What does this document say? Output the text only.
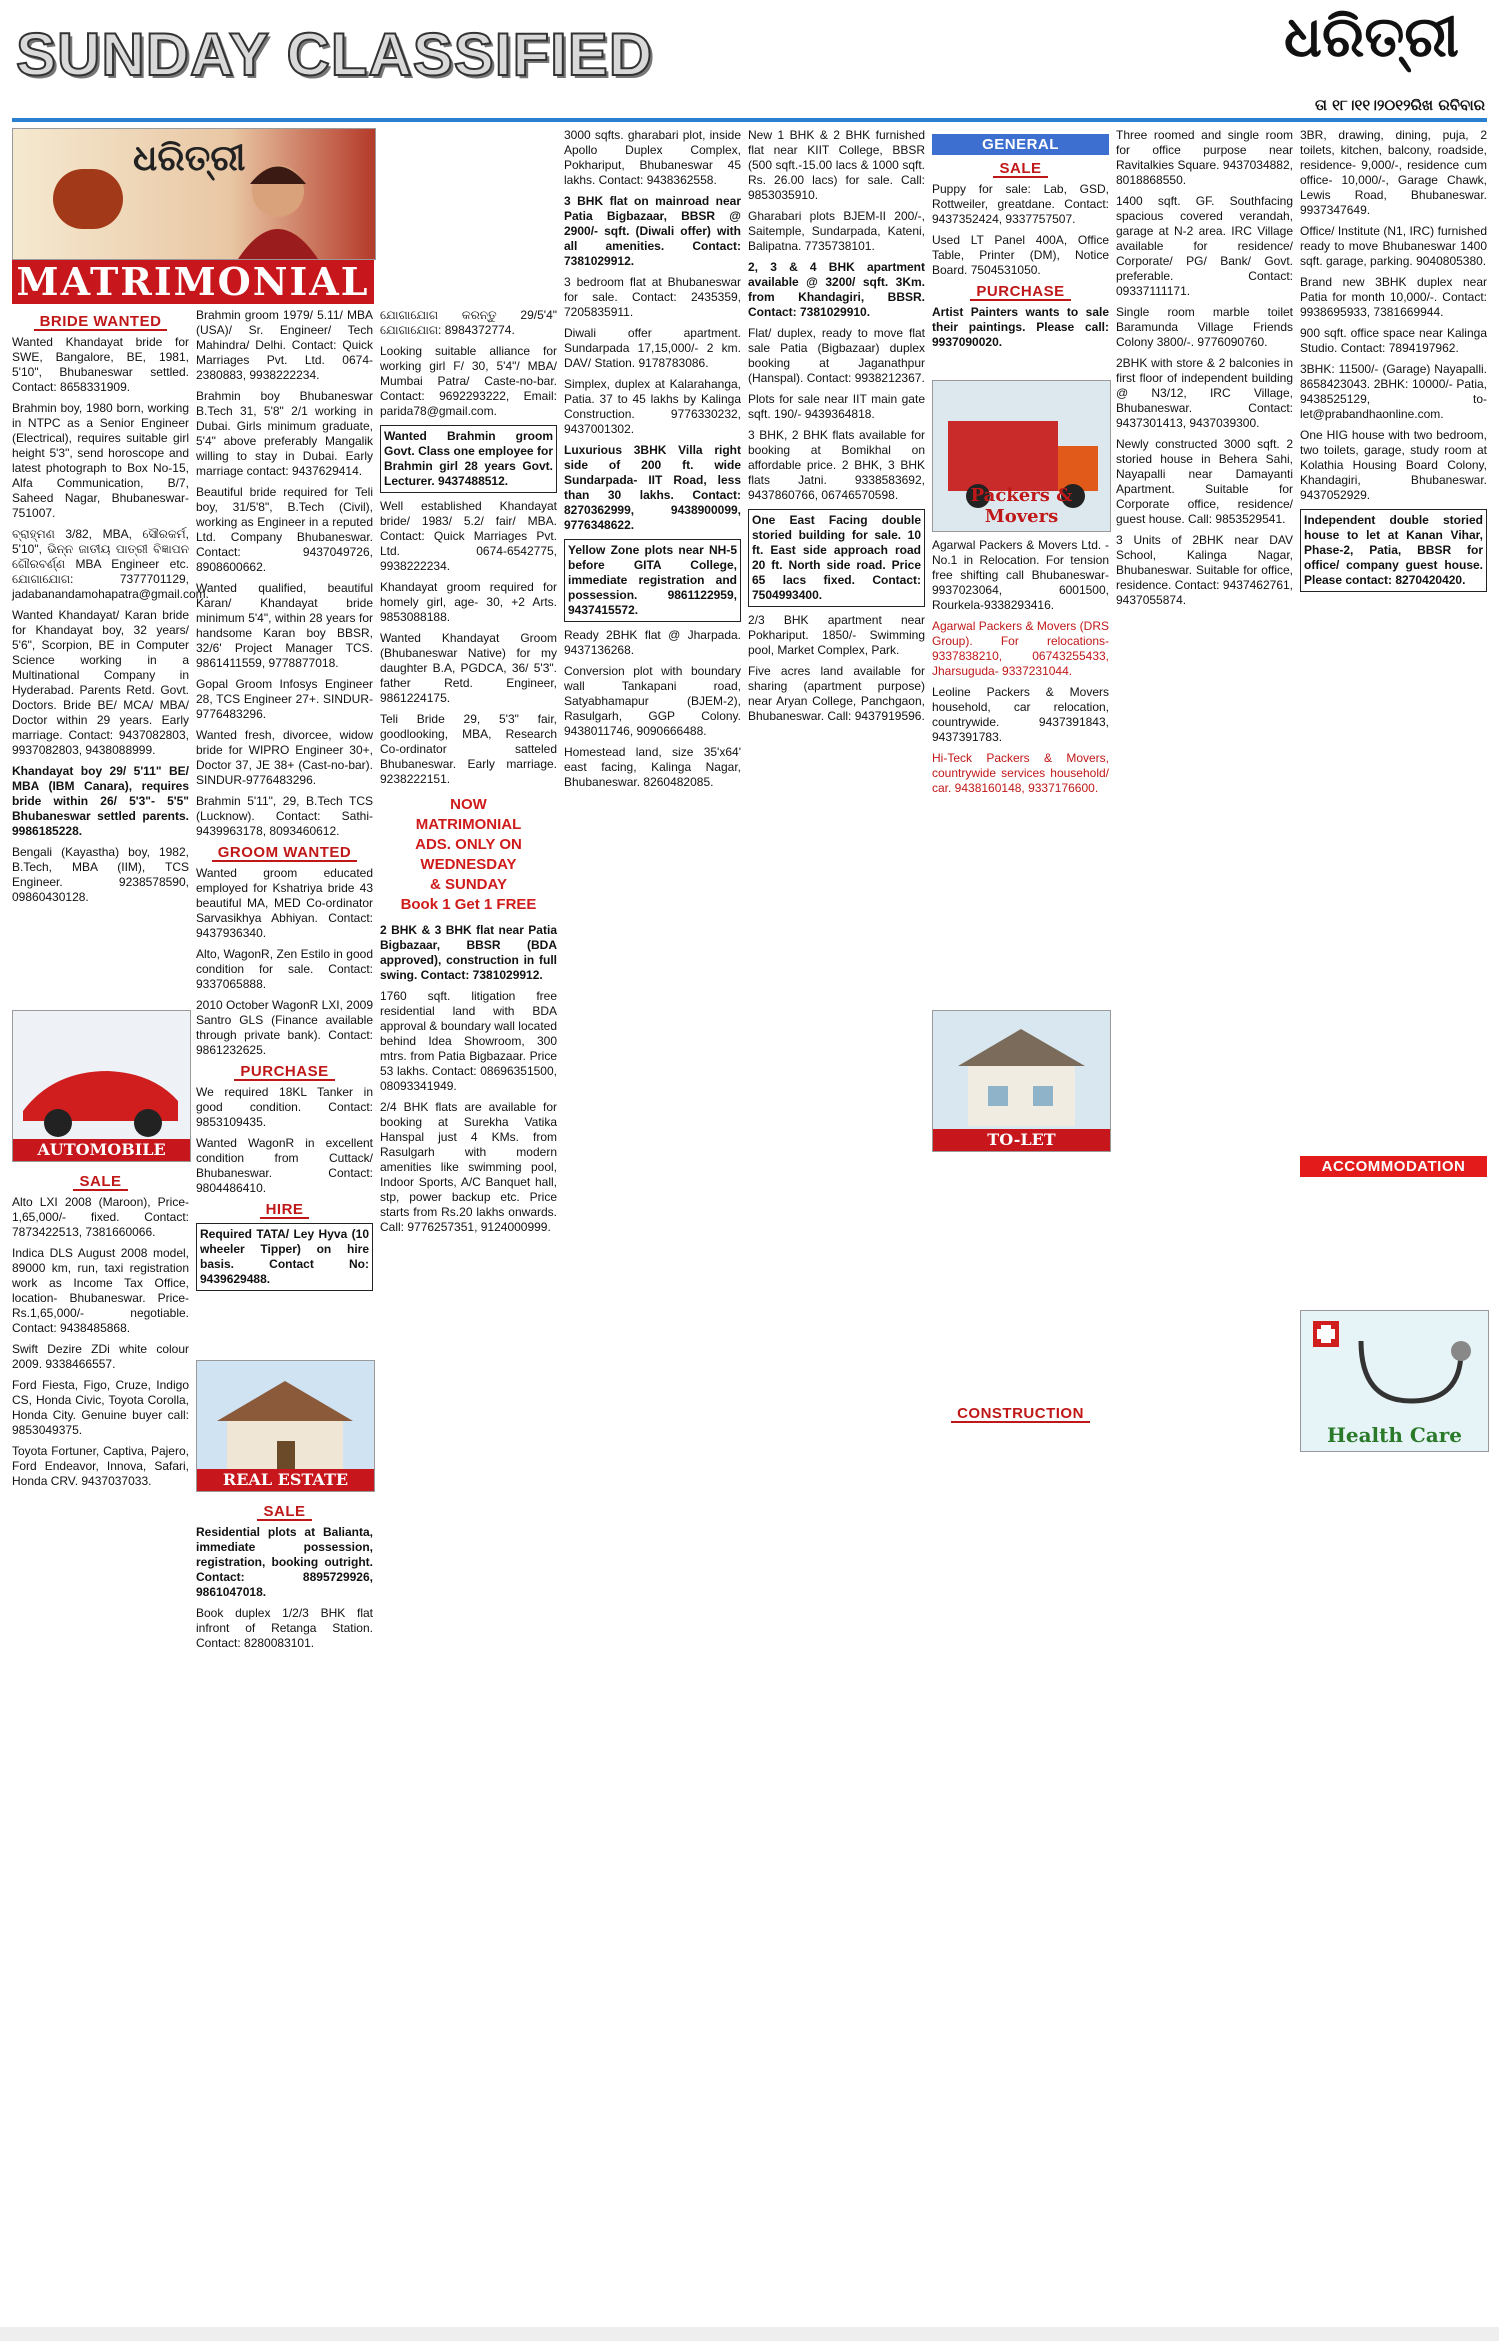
SUNDAY CLASSIFIED	ଧରିତ୍ରୀ
ତା ୧୮।୧୧।୨୦୧୨ରିଖ ରବିବାର
ଧରିତ୍ରୀ
MATRIMONIAL
BRIDE WANTED

Wanted Khandayat bride for SWE, Bangalore, BE, 1981, 5'10", Bhubaneswar settled. Contact: 8658331909.

Brahmin boy, 1980 born, working in NTPC as a Senior Engineer (Electrical), requires suitable girl height 5'3", send horoscope and latest photograph to Box No-15, Alfa Communication, B/7, Saheed Nagar, Bhubaneswar-751007.

ବ୍ରାହ୍ମଣ 3/82, MBA, ସୌରକର୍ମ, 5'10", ଭିନ୍ନ ଜାତୀୟ ପାତ୍ରୀ ବିଜ୍ଞାପନ ଗୌରବର୍ଣ୍ଣ MBA Engineer etc. ଯୋଗାଯୋଗ: 7377701129, jadabanandamohapatra@gmail.com.

Wanted Khandayat/ Karan bride for Khandayat boy, 32 years/ 5'6", Scorpion, BE in Computer Science working in a Multinational Company in Hyderabad. Parents Retd. Govt. Doctors. Bride BE/ MCA/ MBA/ Doctor within 29 years. Early marriage. Contact: 9437082803, 9937082803, 9438088999.

Khandayat boy 29/ 5'11" BE/ MBA (IBM Canara), requires bride within 26/ 5'3"- 5'5" Bhubaneswar settled parents. 9986185228.

Bengali (Kayastha) boy, 1982, B.Tech, MBA (IIM), TCS Engineer. 9238578590, 09860430128.

AUTOMOBILE
SALE

Alto LXI 2008 (Maroon), Price-1,65,000/- fixed. Contact: 7873422513, 7381660066.

Indica DLS August 2008 model, 89000 km, run, taxi registration work as Income Tax Office, location- Bhubaneswar. Price-Rs.1,65,000/- negotiable. Contact: 9438485868.

Swift Dezire ZDi white colour 2009. 9338466557.

Ford Fiesta, Figo, Cruze, Indigo CS, Honda Civic, Toyota Corolla, Honda City. Genuine buyer call: 9853049375.

Toyota Fortuner, Captiva, Pajero, Ford Endeavor, Innova, Safari, Honda CRV. 9437037033.

Brahmin groom 1979/ 5.11/ MBA (USA)/ Sr. Engineer/ Tech Mahindra/ Delhi. Contact: Quick Marriages Pvt. Ltd. 0674-2380883, 9938222234.

Brahmin boy Bhubaneswar B.Tech 31, 5'8" 2/1 working in Dubai. Girls minimum graduate, 5'4" above preferably Mangalik willing to stay in Dubai. Early marriage contact: 9437629414.

Beautiful bride required for Teli boy, 31/5'8", B.Tech (Civil), working as Engineer in a reputed Ltd. Company Bhubaneswar. Contact: 9437049726, 8908600662.

Wanted qualified, beautiful Karan/ Khandayat bride minimum 5'4", within 28 years for handsome Karan boy BBSR, 32/6' Project Manager TCS. 9861411559, 9778877018.

Gopal Groom Infosys Engineer 28, TCS Engineer 27+. SINDUR-9776483296.

Wanted fresh, divorcee, widow bride for WIPRO Engineer 30+, Doctor 37, JE 38+ (Cast-no-bar). SINDUR-9776483296.

Brahmin 5'11", 29, B.Tech TCS (Lucknow). Contact: Sathi-9439963178, 8093460612.

GROOM WANTED

Wanted groom educated employed for Kshatriya bride 43 beautiful MA, MED Co-ordinator Sarvasikhya Abhiyan. Contact: 9437936340.

Alto, WagonR, Zen Estilo in good condition for sale. Contact: 9337065888.

2010 October WagonR LXI, 2009 Santro GLS (Finance available through private bank). Contact: 9861232625.

PURCHASE

We required 18KL Tanker in good condition. Contact: 9853109435.

Wanted WagonR in excellent condition from Cuttack/ Bhubaneswar. Contact: 9804486410.

HIRE
Required TATA/ Ley Hyva (10 wheeler Tipper) on hire basis. Contact No: 9439629488.
REAL ESTATE
SALE

Residential plots at Balianta, immediate possession, registration, booking outright. Contact: 8895729926, 9861047018.

Book duplex 1/2/3 BHK flat infront of Retanga Station. Contact: 8280083101.

ଯୋଗାଯୋଗ କରନ୍ତୁ 29/5'4" ଯୋଗାଯୋଗ: 8984372774.

Looking suitable alliance for working girl F/ 30, 5'4"/ MBA/ Mumbai Patra/ Caste-no-bar. Contact: 9692293222, Email: parida78@gmail.com.

Wanted Brahmin groom Govt. Class one employee for Brahmin girl 28 years Govt. Lecturer. 9437488512.

Well established Khandayat bride/ 1983/ 5.2/ fair/ MBA. Contact: Quick Marriages Pvt. Ltd. 0674-6542775, 9938222234.

Khandayat groom required for homely girl, age- 30, +2 Arts. 9853088188.

Wanted Khandayat Groom (Bhubaneswar Native) for my daughter B.A, PGDCA, 36/ 5'3". father Retd. Engineer, 9861224175.

Teli Bride 29, 5'3" fair, goodlooking, MBA, Research Co-ordinator satteled Bhubaneswar. Early marriage. 9238222151.

NOW
MATRIMONIAL
ADS. ONLY ON
WEDNESDAY
& SUNDAY
Book 1 Get 1 FREE

2 BHK & 3 BHK flat near Patia Bigbazaar, BBSR (BDA approved), construction in full swing. Contact: 7381029912.

1760 sqft. litigation free residential land with BDA approval & boundary wall located behind Idea Showroom, 300 mtrs. from Patia Bigbazaar. Price 53 lakhs. Contact: 08696351500, 08093341949.

2/4 BHK flats are available for booking at Surekha Vatika Hanspal just 4 KMs. from Rasulgarh with modern amenities like swimming pool, Indoor Sports, A/C Banquet hall, stp, power backup etc. Price starts from Rs.20 lakhs onwards. Call: 9776257351, 9124000999.

3000 sqfts. gharabari plot, inside Apollo Duplex Complex, Pokhariput, Bhubaneswar 45 lakhs. Contact: 9438362558.

3 BHK flat on mainroad near Patia Bigbazaar, BBSR @ 2900/- sqft. (Diwali offer) with all amenities. Contact: 7381029912.

3 bedroom flat at Bhubaneswar for sale. Contact: 2435359, 7205835911.

Diwali offer apartment. Sundarpada 17,15,000/- 2 km. DAV/ Station. 9178783086.

Simplex, duplex at Kalarahanga, Patia. 37 to 45 lakhs by Kalinga Construction. 9776330232, 9437001302.

Luxurious 3BHK Villa right side of 200 ft. wide Sundarpada- IIT Road, less than 30 lakhs. Contact: 8270362999, 9438900099, 9776348622.

Yellow Zone plots near NH-5 before GITA College, immediate registration and possession. 9861122959, 9437415572.

Ready 2BHK flat @ Jharpada. 9437136268.

Conversion plot with boundary wall Tankapani road, Satyabhamapur (BJEM-2), Rasulgarh, GGP Colony. 9438011746, 9090666488.

Homestead land, size 35'x64' east facing, Kalinga Nagar, Bhubaneswar. 8260482085.

New 1 BHK & 2 BHK furnished flat near KIIT College, BBSR (500 sqft.-15.00 lacs & 1000 sqft. Rs. 26.00 lacs) for sale. Call: 9853035910.

Gharabari plots BJEM-II 200/-, Saitemple, Sundarpada, Kateni, Balipatna. 7735738101.

2, 3 & 4 BHK apartment available @ 3200/ sqft. 3Km. from Khandagiri, BBSR. Contact: 7381029910.

Flat/ duplex, ready to move flat sale Patia (Bigbazaar) duplex booking at Jaganathpur (Hanspal). Contact: 9938212367.

Plots for sale near IIT main gate sqft. 190/- 9439364818.

3 BHK, 2 BHK flats available for booking at Bomikhal on affordable price. 2 BHK, 3 BHK flats Jatni. 9338583692, 9437860766, 06746570598.

One East Facing double storied building for sale. 10 ft. East side approach road 20 ft. North side road. Price 65 lacs fixed. Contact: 7504993400.

2/3 BHK apartment near Pokhariput. 1850/- Swimming pool, Market Complex, Park.

Five acres land available for sharing (apartment purpose) near Aryan College, Panchgaon, Bhubaneswar. Call: 9437919596.

GENERAL
SALE

Puppy for sale: Lab, GSD, Rottweiler, greatdane. Contact: 9437352424, 9337757507.

Used LT Panel 400A, Office Table, Printer (DM), Notice Board. 7504531050.

PURCHASE

Artist Painters wants to sale their paintings. Please call: 9937090020.

Packers & Movers

Agarwal Packers & Movers Ltd. - No.1 in Relocation. For tension free shifting call Bhubaneswar- 9937023064, 6001500, Rourkela-9338293416.

Agarwal Packers & Movers (DRS Group). For relocations- 9337838210, 06743255433, Jharsuguda- 9337231044.

Leoline Packers & Movers household, car relocation, countrywide. 9437391843, 9437391783.

Hi-Teck Packers & Movers, countrywide services household/ car. 9438160148, 9337176600.

TO-LET
CONSTRUCTION

Three roomed and single room for office purpose near Ravitalkies Square. 9437034882, 8018868550.

1400 sqft. GF. Southfacing spacious covered verandah, garage at N-2 area. IRC Village available for residence/ Corporate/ PG/ Bank/ Govt. preferable. Contact: 09337111171.

Single room marble toilet Baramunda Village Friends Colony 3800/-. 9776090760.

2BHK with store & 2 balconies in first floor of independent building @ N3/12, IRC Village, Bhubaneswar. Contact: 9437301413, 9437039300.

Newly constructed 3000 sqft. 2 storied house in Behera Sahi, Nayapalli near Damayanti Apartment. Suitable for Corporate office, residence/ guest house. Call: 9853529541.

3 Units of 2BHK near DAV School, Kalinga Nagar, Bhubaneswar. Suitable for office, residence. Contact: 9437462761, 9437055874.

3BR, drawing, dining, puja, 2 toilets, kitchen, balcony, roadside, residence- 9,000/-, residence cum office- 10,000/-, Garage Chawk, Lewis Road, Bhubaneswar. 9937347649.

Office/ Institute (N1, IRC) furnished ready to move Bhubaneswar 1400 sqft. garage, parking. 9040805380.

Brand new 3BHK duplex near Patia for month 10,000/-. Contact: 9938695933, 7381669944.

900 sqft. office space near Kalinga Studio. Contact: 7894197962.

3BHK: 11500/- (Garage) Nayapalli. 8658423043. 2BHK: 10000/- Patia, 9438525129, to-let@prabandhaonline.com.

One HIG house with two bedroom, two toilets, garage, study room at Kolathia Housing Board Colony, Khandagiri, Bhubaneswar. 9437052929.

Independent double storied house to let at Kanan Vihar, Phase-2, Patia, BBSR for office/ company guest house. Please contact: 8270420420.
ACCOMMODATION
Health Care
